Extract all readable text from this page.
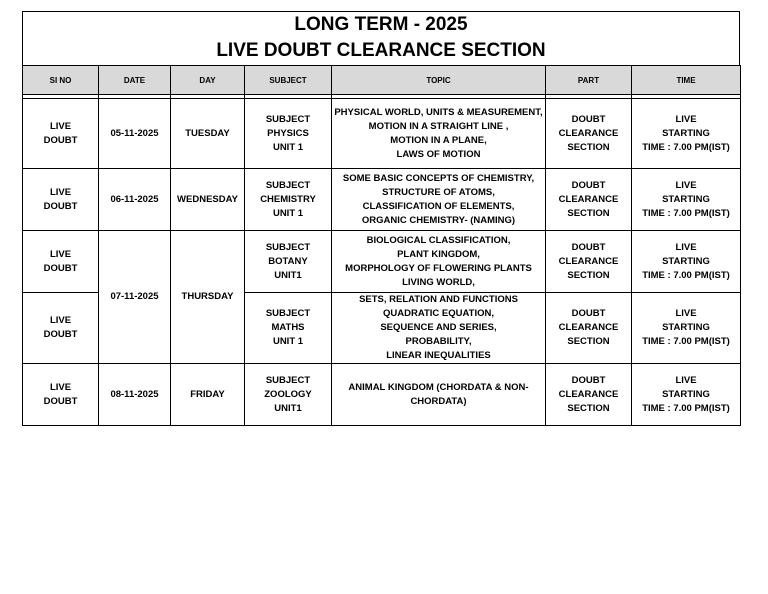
LONG TERM - 2025
LIVE DOUBT CLEARANCE SECTION
SI NO	DATE	DAY	SUBJECT	TOPIC	PART	TIME

LIVE
DOUBT	05-11-2025	TUESDAY	SUBJECT
PHYSICS
UNIT 1	PHYSICAL WORLD, UNITS & MEASUREMENT,
MOTION IN A STRAIGHT LINE ,
MOTION IN A PLANE,
LAWS OF MOTION	DOUBT
CLEARANCE
SECTION	LIVE
STARTING
TIME : 7.00 PM(IST)

LIVE
DOUBT	06-11-2025	WEDNESDAY	SUBJECT
CHEMISTRY
UNIT 1	SOME BASIC CONCEPTS OF CHEMISTRY,
STRUCTURE OF ATOMS,
CLASSIFICATION OF ELEMENTS,
ORGANIC CHEMISTRY- (NAMING)	DOUBT
CLEARANCE
SECTION	LIVE
STARTING
TIME : 7.00 PM(IST)

LIVE
DOUBT	07-11-2025	THURSDAY	SUBJECT
BOTANY
UNIT1	BIOLOGICAL CLASSIFICATION,
PLANT KINGDOM,
MORPHOLOGY OF FLOWERING PLANTS
LIVING WORLD,	DOUBT
CLEARANCE
SECTION	LIVE
STARTING
TIME : 7.00 PM(IST)

LIVE
DOUBT			SUBJECT
MATHS
UNIT 1	SETS, RELATION AND FUNCTIONS
QUADRATIC EQUATION,
SEQUENCE AND SERIES,
PROBABILITY,
LINEAR INEQUALITIES	DOUBT
CLEARANCE
SECTION	LIVE
STARTING
TIME : 7.00 PM(IST)

LIVE
DOUBT	08-11-2025	FRIDAY	SUBJECT
ZOOLOGY
UNIT1	ANIMAL KINGDOM (CHORDATA & NON-
CHORDATA)	DOUBT
CLEARANCE
SECTION	LIVE
STARTING
TIME : 7.00 PM(IST)
